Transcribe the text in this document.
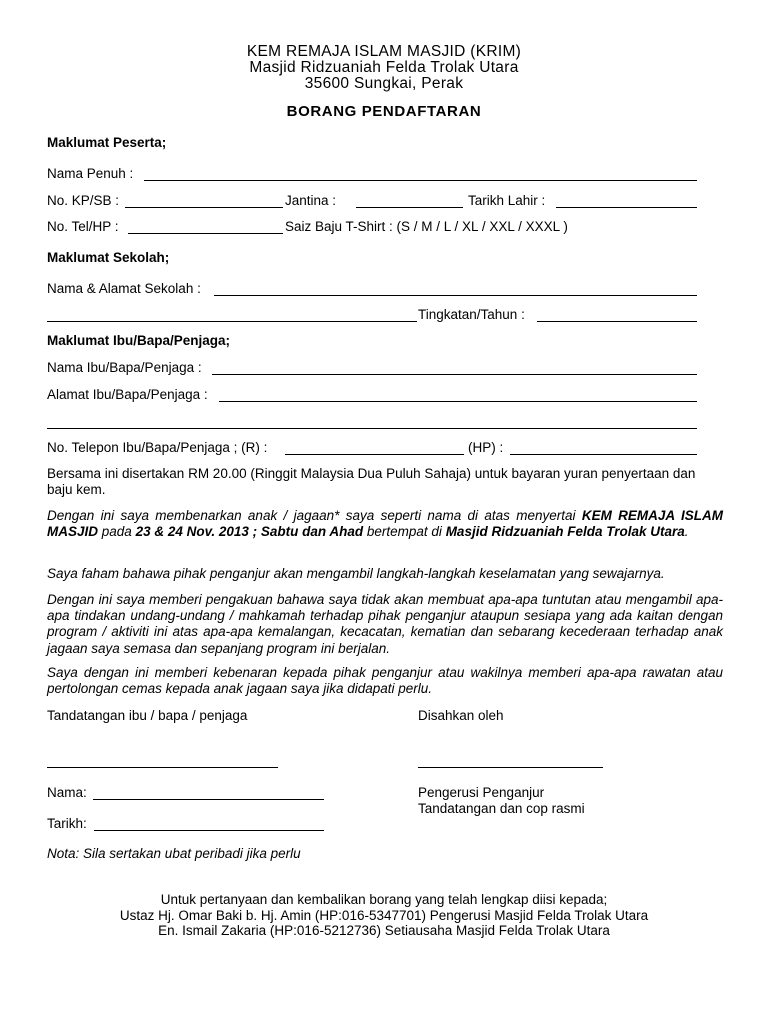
KEM REMAJA ISLAM MASJID (KRIM)
Masjid Ridzuaniah Felda Trolak Utara
35600 Sungkai, Perak
BORANG PENDAFTARAN
Maklumat Peserta;
Nama Penuh :
No. KP/SB :	Jantina :	Tarikh Lahir :
No. Tel/HP :	Saiz Baju T-Shirt : (S / M / L / XL / XXL / XXXL )
Maklumat Sekolah;
Nama & Alamat Sekolah :
Tingkatan/Tahun :
Maklumat Ibu/Bapa/Penjaga;
Nama Ibu/Bapa/Penjaga :
Alamat Ibu/Bapa/Penjaga :
No. Telepon Ibu/Bapa/Penjaga ; (R) :	(HP) :
Bersama ini disertakan RM 20.00 (Ringgit Malaysia Dua Puluh Sahaja) untuk bayaran yuran penyertaan dan baju kem.
Dengan ini saya membenarkan anak / jagaan* saya seperti nama di atas menyertai KEM REMAJA ISLAM MASJID pada 23 & 24 Nov. 2013 ; Sabtu dan Ahad bertempat di Masjid Ridzuaniah Felda Trolak Utara.
Saya faham bahawa pihak penganjur akan mengambil langkah-langkah keselamatan yang sewajarnya.
Dengan ini saya memberi pengakuan bahawa saya tidak akan membuat apa-apa tuntutan atau mengambil apa-apa tindakan undang-undang / mahkamah terhadap pihak penganjur ataupun sesiapa yang ada kaitan dengan program / aktiviti ini atas apa-apa kemalangan, kecacatan, kematian dan sebarang kecederaan terhadap anak jagaan saya semasa dan sepanjang program ini berjalan.
Saya dengan ini memberi kebenaran kepada pihak penganjur atau wakilnya memberi apa-apa rawatan atau pertolongan cemas kepada anak jagaan saya jika didapati perlu.
Tandatangan ibu / bapa / penjaga	Disahkan oleh
Nama:	Pengerusi Penganjur
Tandatangan dan cop rasmi
Tarikh:
Nota: Sila sertakan ubat peribadi jika perlu
Untuk pertanyaan dan kembalikan borang yang telah lengkap diisi kepada;
Ustaz Hj. Omar Baki b. Hj. Amin (HP:016-5347701) Pengerusi Masjid Felda Trolak Utara
En. Ismail Zakaria (HP:016-5212736) Setiausaha Masjid Felda Trolak Utara
